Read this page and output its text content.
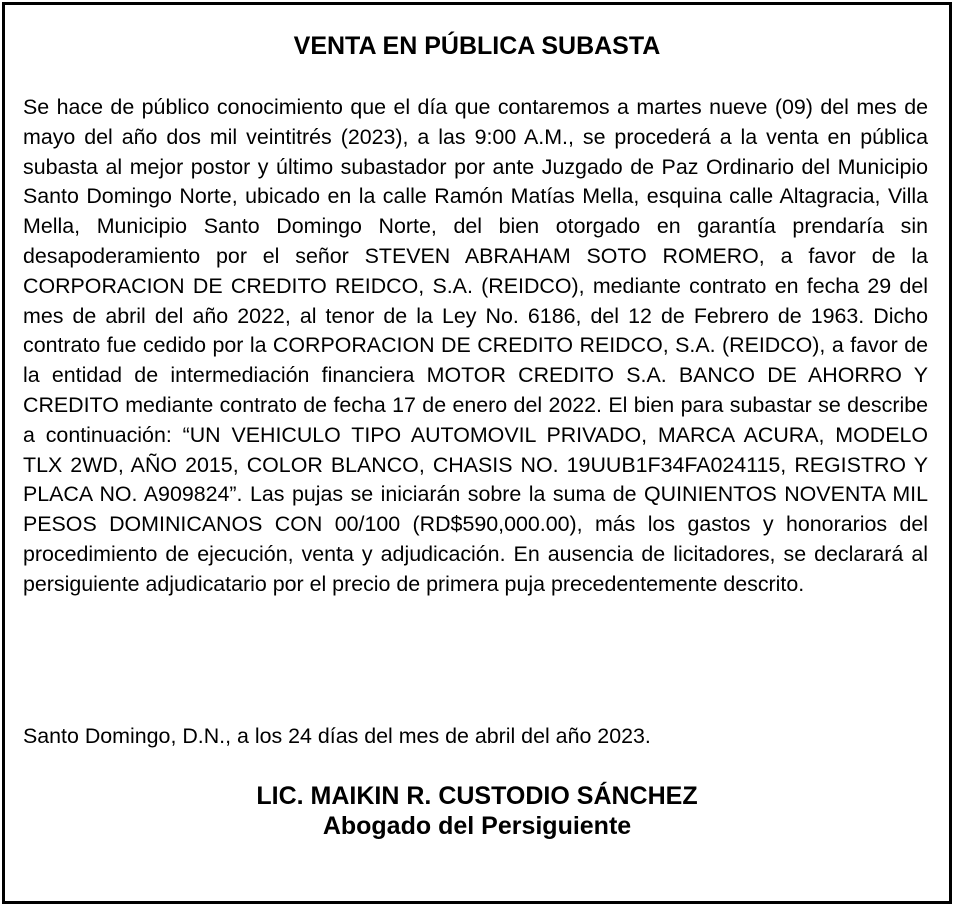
VENTA EN PÚBLICA SUBASTA

Se hace de público conocimiento que el día que contaremos a martes nueve (09) del mes de mayo del año dos mil veintitrés (2023), a las 9:00 A.M., se procederá a la venta en pública subasta al mejor postor y último subastador por ante Juzgado de Paz Ordinario del Municipio Santo Domingo Norte, ubicado en la calle Ramón Matías Mella, esquina calle Altagracia, Villa Mella, Municipio Santo Domingo Norte, del bien otorgado en garantía prendaría sin desapoderamiento por el señor STEVEN ABRAHAM SOTO ROMERO, a favor de la CORPORACION DE CREDITO REIDCO, S.A. (REIDCO), mediante contrato en fecha 29 del mes de abril del año 2022, al tenor de la Ley No. 6186, del 12 de Febrero de 1963. Dicho contrato fue cedido por la CORPORACION DE CREDITO REIDCO, S.A. (REIDCO), a favor de la entidad de intermediación financiera MOTOR CREDITO S.A. BANCO DE AHORRO Y CREDITO mediante contrato de fecha 17 de enero del 2022. El bien para subastar se describe a continuación: “UN VEHICULO TIPO AUTOMOVIL PRIVADO, MARCA ACURA, MODELO TLX 2WD, AÑO 2015, COLOR BLANCO, CHASIS NO. 19UUB1F34FA024115, REGISTRO Y PLACA NO. A909824”. Las pujas se iniciarán sobre la suma de QUINIENTOS NOVENTA MIL PESOS DOMINICANOS CON 00/100 (RD$590,000.00), más los gastos y honorarios del procedimiento de ejecución, venta y adjudicación. En ausencia de licitadores, se declarará al persiguiente adjudicatario por el precio de primera puja precedentemente descrito.

Santo Domingo, D.N., a los 24 días del mes de abril del año 2023.

LIC. MAIKIN R. CUSTODIO SÁNCHEZ
Abogado del Persiguiente
